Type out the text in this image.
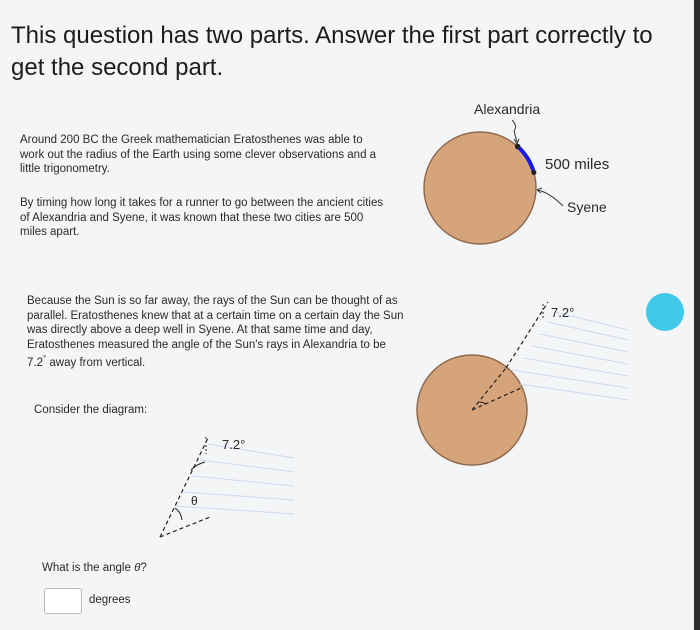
This question has two parts. Answer the first part correctly to get the second part.

Around 200 BC the Greek mathematician Eratosthenes was able to work out the radius of the Earth using some clever observations and a little trigonometry.

By timing how long it takes for a runner to go between the ancient cities of Alexandria and Syene, it was known that these two cities are 500 miles apart.

Because the Sun is so far away, the rays of the Sun can be thought of as parallel. Eratosthenes knew that at a certain time on a certain day the Sun was directly above a deep well in Syene. At that same time and day, Eratosthenes measured the angle of the Sun's rays in Alexandria to be 7.2° away from vertical.

Consider the diagram:

Alexandria
500 miles
Syene
7.2°
7.2°
θ
What is the angle θ?
degrees
